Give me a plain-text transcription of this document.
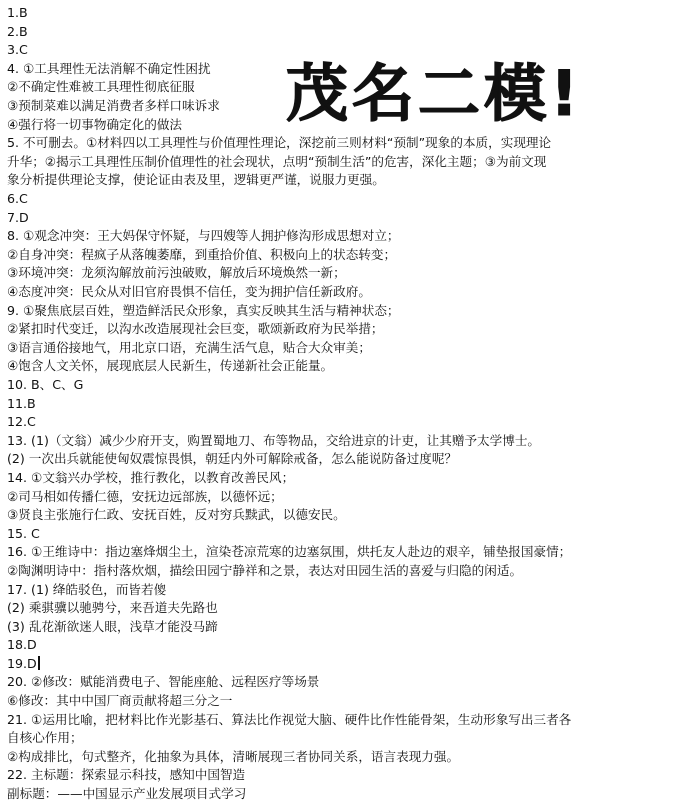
茂名二模!
1.B
2.B
3.C
4. ①工具理性无法消解不确定性困扰
②不确定性难被工具理性彻底征服
③预制菜难以满足消费者多样口味诉求
④强行将一切事物确定化的做法
5. 不可删去。①材料四以工具理性与价值理性理论，深挖前三则材料“预制”现象的本质，实现理论
升华；②揭示工具理性压制价值理性的社会现状，点明“预制生活”的危害，深化主题；③为前文现
象分析提供理论支撑，使论证由表及里，逻辑更严谨，说服力更强。
6.C
7.D
8. ①观念冲突：王大妈保守怀疑，与四嫂等人拥护修沟形成思想对立；
②自身冲突：程疯子从落魄萎靡，到重拾价值、积极向上的状态转变；
③环境冲突：龙须沟解放前污浊破败，解放后环境焕然一新；
④态度冲突：民众从对旧官府畏惧不信任，变为拥护信任新政府。
9. ①聚焦底层百姓，塑造鲜活民众形象，真实反映其生活与精神状态；
②紧扣时代变迁，以沟水改造展现社会巨变，歌颂新政府为民举措；
③语言通俗接地气，用北京口语，充满生活气息，贴合大众审美；
④饱含人文关怀，展现底层人民新生，传递新社会正能量。
10. B、C、G
11.B
12.C
13. (1)（文翁）减少少府开支，购置蜀地刀、布等物品，交给进京的计吏，让其赠予太学博士。
(2) 一次出兵就能使匈奴震惊畏惧，朝廷内外可解除戒备，怎么能说防备过度呢？
14. ①文翁兴办学校，推行教化，以教育改善民风；
②司马相如传播仁德，安抚边远部族，以德怀远；
③贤良主张施行仁政、安抚百姓，反对穷兵黩武，以德安民。
15. C
16. ①王维诗中：指边塞烽烟尘土，渲染苍凉荒寒的边塞氛围，烘托友人赴边的艰辛，铺垫报国豪情；
②陶渊明诗中：指村落炊烟，描绘田园宁静祥和之景，表达对田园生活的喜爱与归隐的闲适。
17. (1) 绛皓驳色，而皆若傻
(2) 乘骐骥以驰骋兮，来吾道夫先路也
(3) 乱花渐欲迷人眼，浅草才能没马蹄
18.D
19.D
20. ②修改：赋能消费电子、智能座舱、远程医疗等场景
⑥修改：其中中国厂商贡献将超三分之一
21. ①运用比喻，把材料比作光影基石、算法比作视觉大脑、硬件比作性能骨架，生动形象写出三者各
自核心作用；
②构成排比，句式整齐，化抽象为具体，清晰展现三者协同关系，语言表现力强。
22. 主标题：探索显示科技，感知中国智造
副标题：——中国显示产业发展项目式学习
